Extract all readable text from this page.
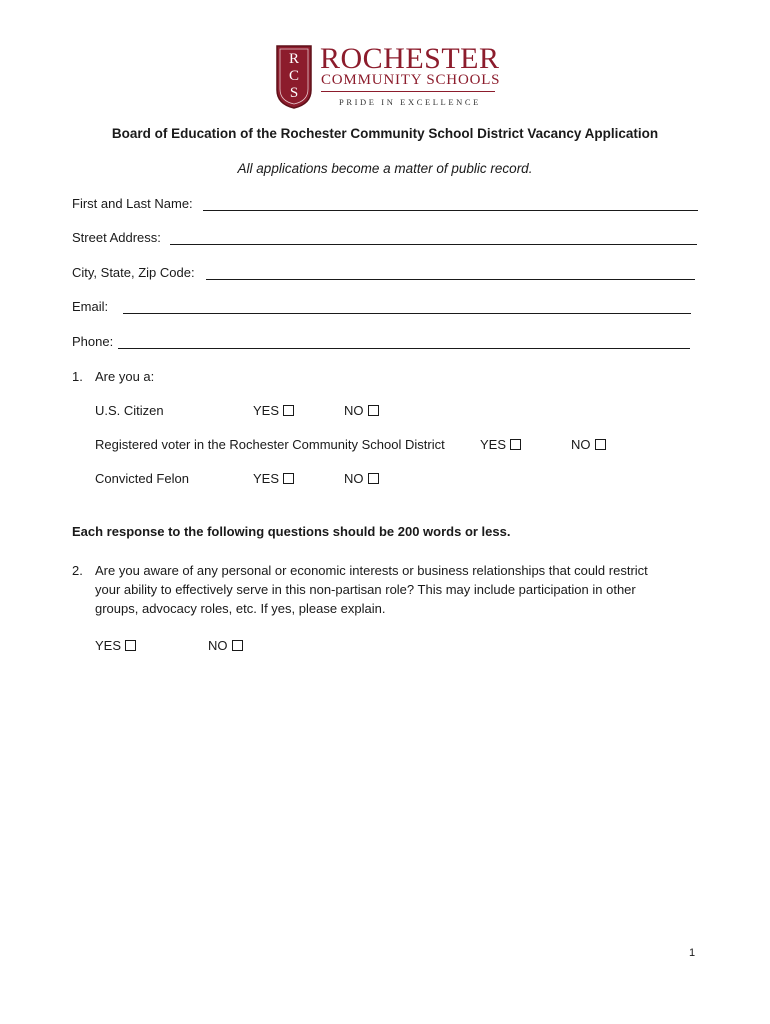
R
C
S
ROCHESTER
COMMUNITY SCHOOLS
PRIDE IN EXCELLENCE
Board of Education of the Rochester Community School District Vacancy Application
All applications become a matter of public record.
First and Last Name:
Street Address:
City, State, Zip Code:
Email:
Phone:
1. Are you a:
U.S. Citizen	YES	NO
Registered voter in the Rochester Community School District	YES	NO
Convicted Felon	YES	NO
Each response to the following questions should be 200 words or less.
2. Are you aware of any personal or economic interests or business relationships that could restrict
your ability to effectively serve in this non-partisan role? This may include participation in other
groups, advocacy roles, etc. If yes, please explain.
YES	NO
1
